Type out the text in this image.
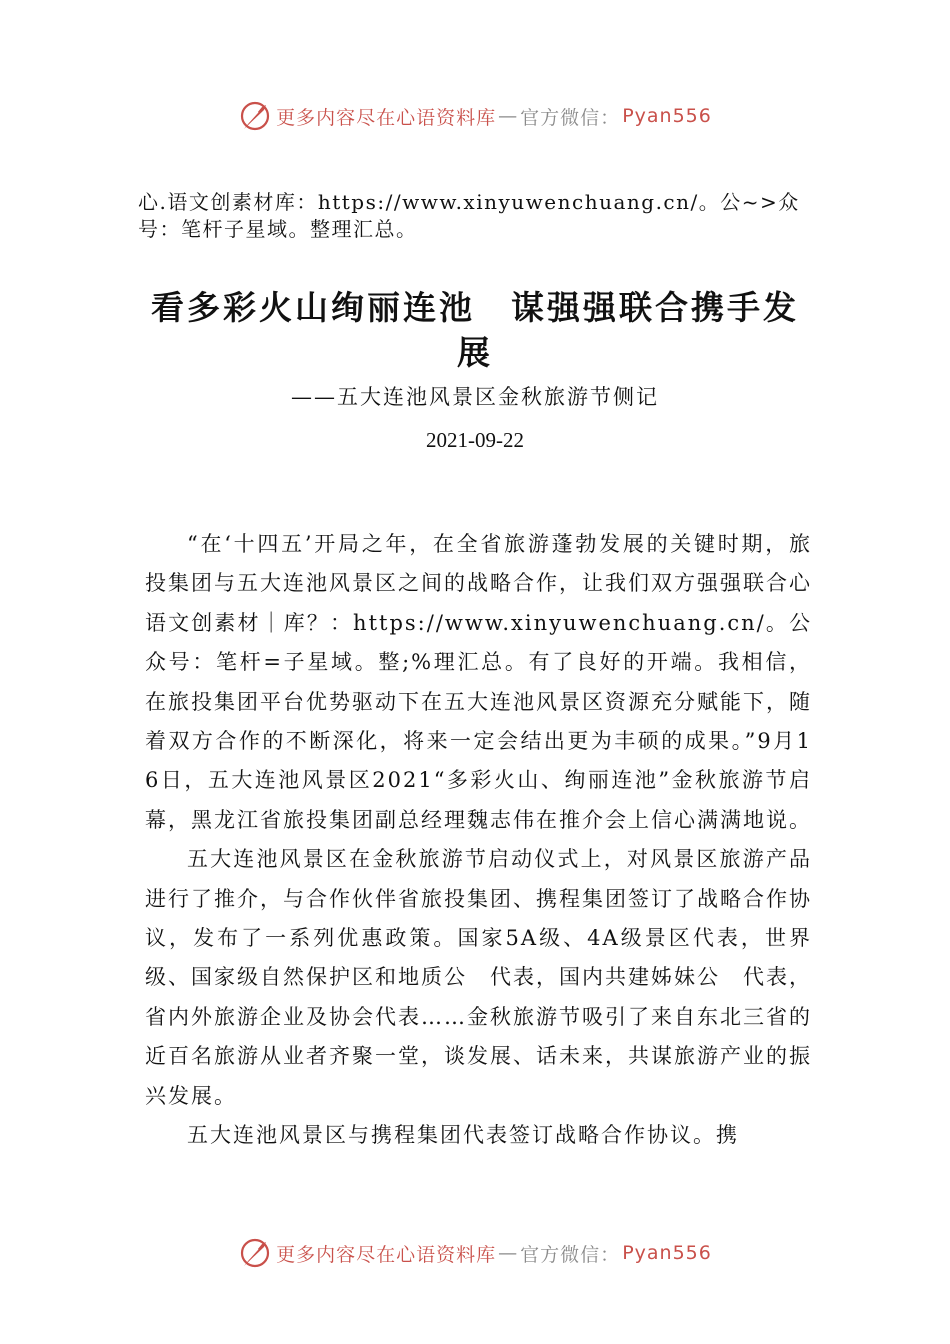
更多内容尽在心语资料库 — 官方微信： Pyan556
心.语文创素材库：https://www.xinyuwenchuang.cn/。公~>众号：笔杆子星域。整理汇总。
看多彩火山绚丽连池　谋强强联合携手发展
——五大连池风景区金秋旅游节侧记
2021-09-22

“在‘十四五’开局之年，在全省旅游蓬勃发展的关键时期，旅投集团与五大连池风景区之间的战略合作，让我们双方强强联合心语文创素材｜库？：https://www.xinyuwenchuang.cn/。公众号：笔杆=子星域。整;%理汇总。有了良好的开端。我相信，在旅投集团平台优势驱动下在五大连池风景区资源充分赋能下，随着双方合作的不断深化，将来一定会结出更为丰硕的成果。”9月16日，五大连池风景区2021“多彩火山、绚丽连池”金秋旅游节启幕，黑龙江省旅投集团副总经理魏志伟在推介会上信心满满地说。

五大连池风景区在金秋旅游节启动仪式上，对风景区旅游产品进行了推介，与合作伙伴省旅投集团、携程集团签订了战略合作协议，发布了一系列优惠政策。国家5A级、4A级景区代表，世界级、国家级自然保护区和地质公　代表，国内共建姊妹公　代表，省内外旅游企业及协会代表……金秋旅游节吸引了来自东北三省的近百名旅游从业者齐聚一堂，谈发展、话未来，共谋旅游产业的振兴发展。

五大连池风景区与携程集团代表签订战略合作协议。携

更多内容尽在心语资料库 — 官方微信： Pyan556
